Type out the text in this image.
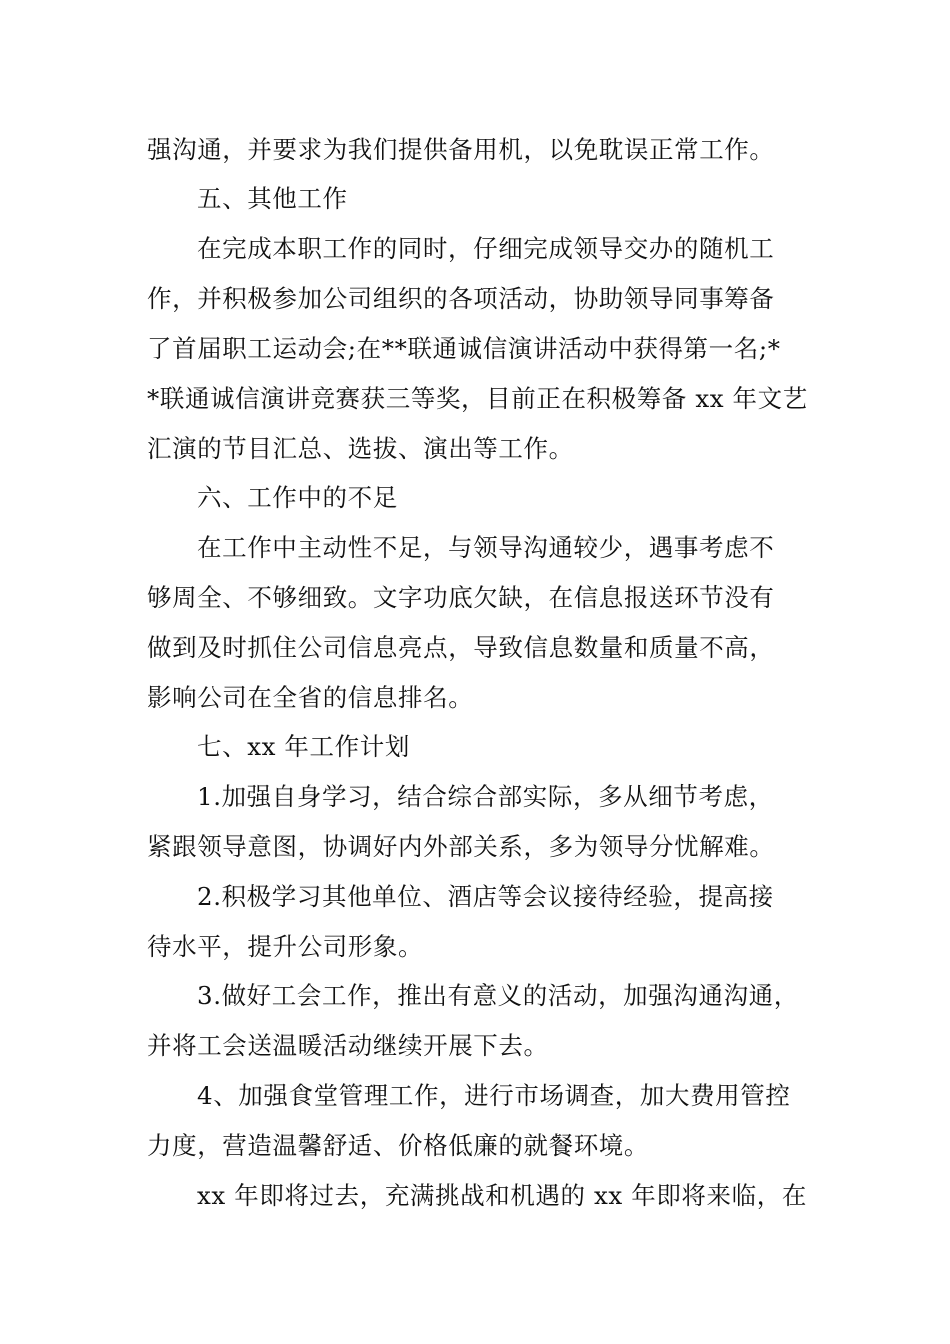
强沟通，并要求为我们提供备用机，以免耽误正常工作。
五、其他工作
在完成本职工作的同时，仔细完成领导交办的随机工
作，并积极参加公司组织的各项活动，协助领导同事筹备
了首届职工运动会;在**联通诚信演讲活动中获得第一名;*
*联通诚信演讲竞赛获三等奖，目前正在积极筹备 xx 年文艺
汇演的节目汇总、选拔、演出等工作。
六、工作中的不足
在工作中主动性不足，与领导沟通较少，遇事考虑不
够周全、不够细致。文字功底欠缺，在信息报送环节没有
做到及时抓住公司信息亮点，导致信息数量和质量不高，
影响公司在全省的信息排名。
七、xx 年工作计划
1.加强自身学习，结合综合部实际，多从细节考虑，
紧跟领导意图，协调好内外部关系，多为领导分忧解难。
2.积极学习其他单位、酒店等会议接待经验，提高接
待水平，提升公司形象。
3.做好工会工作，推出有意义的活动，加强沟通沟通，
并将工会送温暖活动继续开展下去。
4、加强食堂管理工作，进行市场调查，加大费用管控
力度，营造温馨舒适、价格低廉的就餐环境。
xx 年即将过去，充满挑战和机遇的 xx 年即将来临，在
